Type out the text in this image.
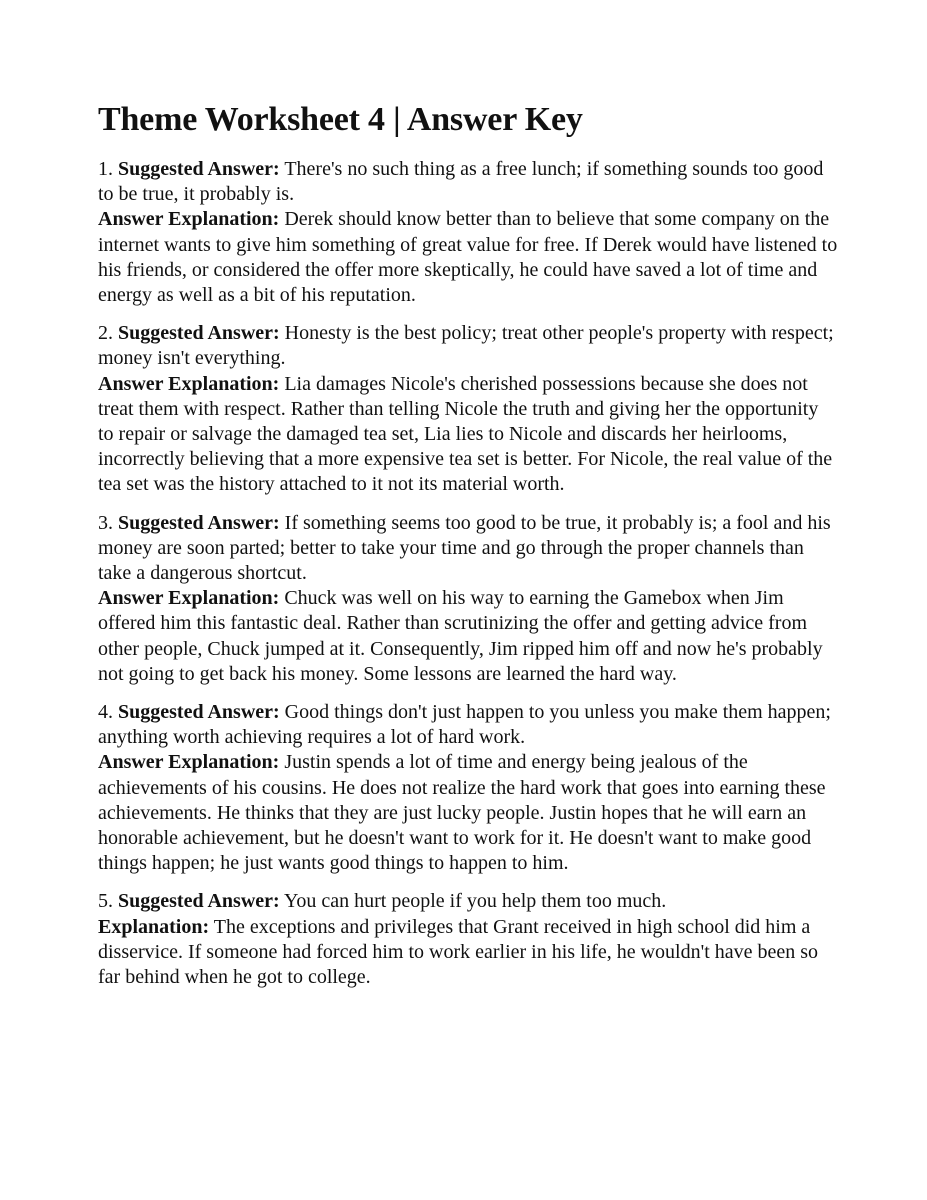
Theme Worksheet 4 | Answer Key
1. Suggested Answer: There's no such thing as a free lunch; if something sounds too good to be true, it probably is.
Answer Explanation: Derek should know better than to believe that some company on the internet wants to give him something of great value for free. If Derek would have listened to his friends, or considered the offer more skeptically, he could have saved a lot of time and energy as well as a bit of his reputation.
2. Suggested Answer: Honesty is the best policy; treat other people's property with respect; money isn't everything.
Answer Explanation: Lia damages Nicole's cherished possessions because she does not treat them with respect. Rather than telling Nicole the truth and giving her the opportunity to repair or salvage the damaged tea set, Lia lies to Nicole and discards her heirlooms, incorrectly believing that a more expensive tea set is better. For Nicole, the real value of the tea set was the history attached to it not its material worth.
3. Suggested Answer: If something seems too good to be true, it probably is; a fool and his money are soon parted; better to take your time and go through the proper channels than take a dangerous shortcut.
Answer Explanation: Chuck was well on his way to earning the Gamebox when Jim offered him this fantastic deal. Rather than scrutinizing the offer and getting advice from other people, Chuck jumped at it. Consequently, Jim ripped him off and now he's probably not going to get back his money. Some lessons are learned the hard way.
4. Suggested Answer: Good things don't just happen to you unless you make them happen; anything worth achieving requires a lot of hard work.
Answer Explanation: Justin spends a lot of time and energy being jealous of the achievements of his cousins. He does not realize the hard work that goes into earning these achievements. He thinks that they are just lucky people. Justin hopes that he will earn an honorable achievement, but he doesn't want to work for it. He doesn't want to make good things happen; he just wants good things to happen to him.
5. Suggested Answer: You can hurt people if you help them too much.
Explanation: The exceptions and privileges that Grant received in high school did him a disservice. If someone had forced him to work earlier in his life, he wouldn't have been so far behind when he got to college.
